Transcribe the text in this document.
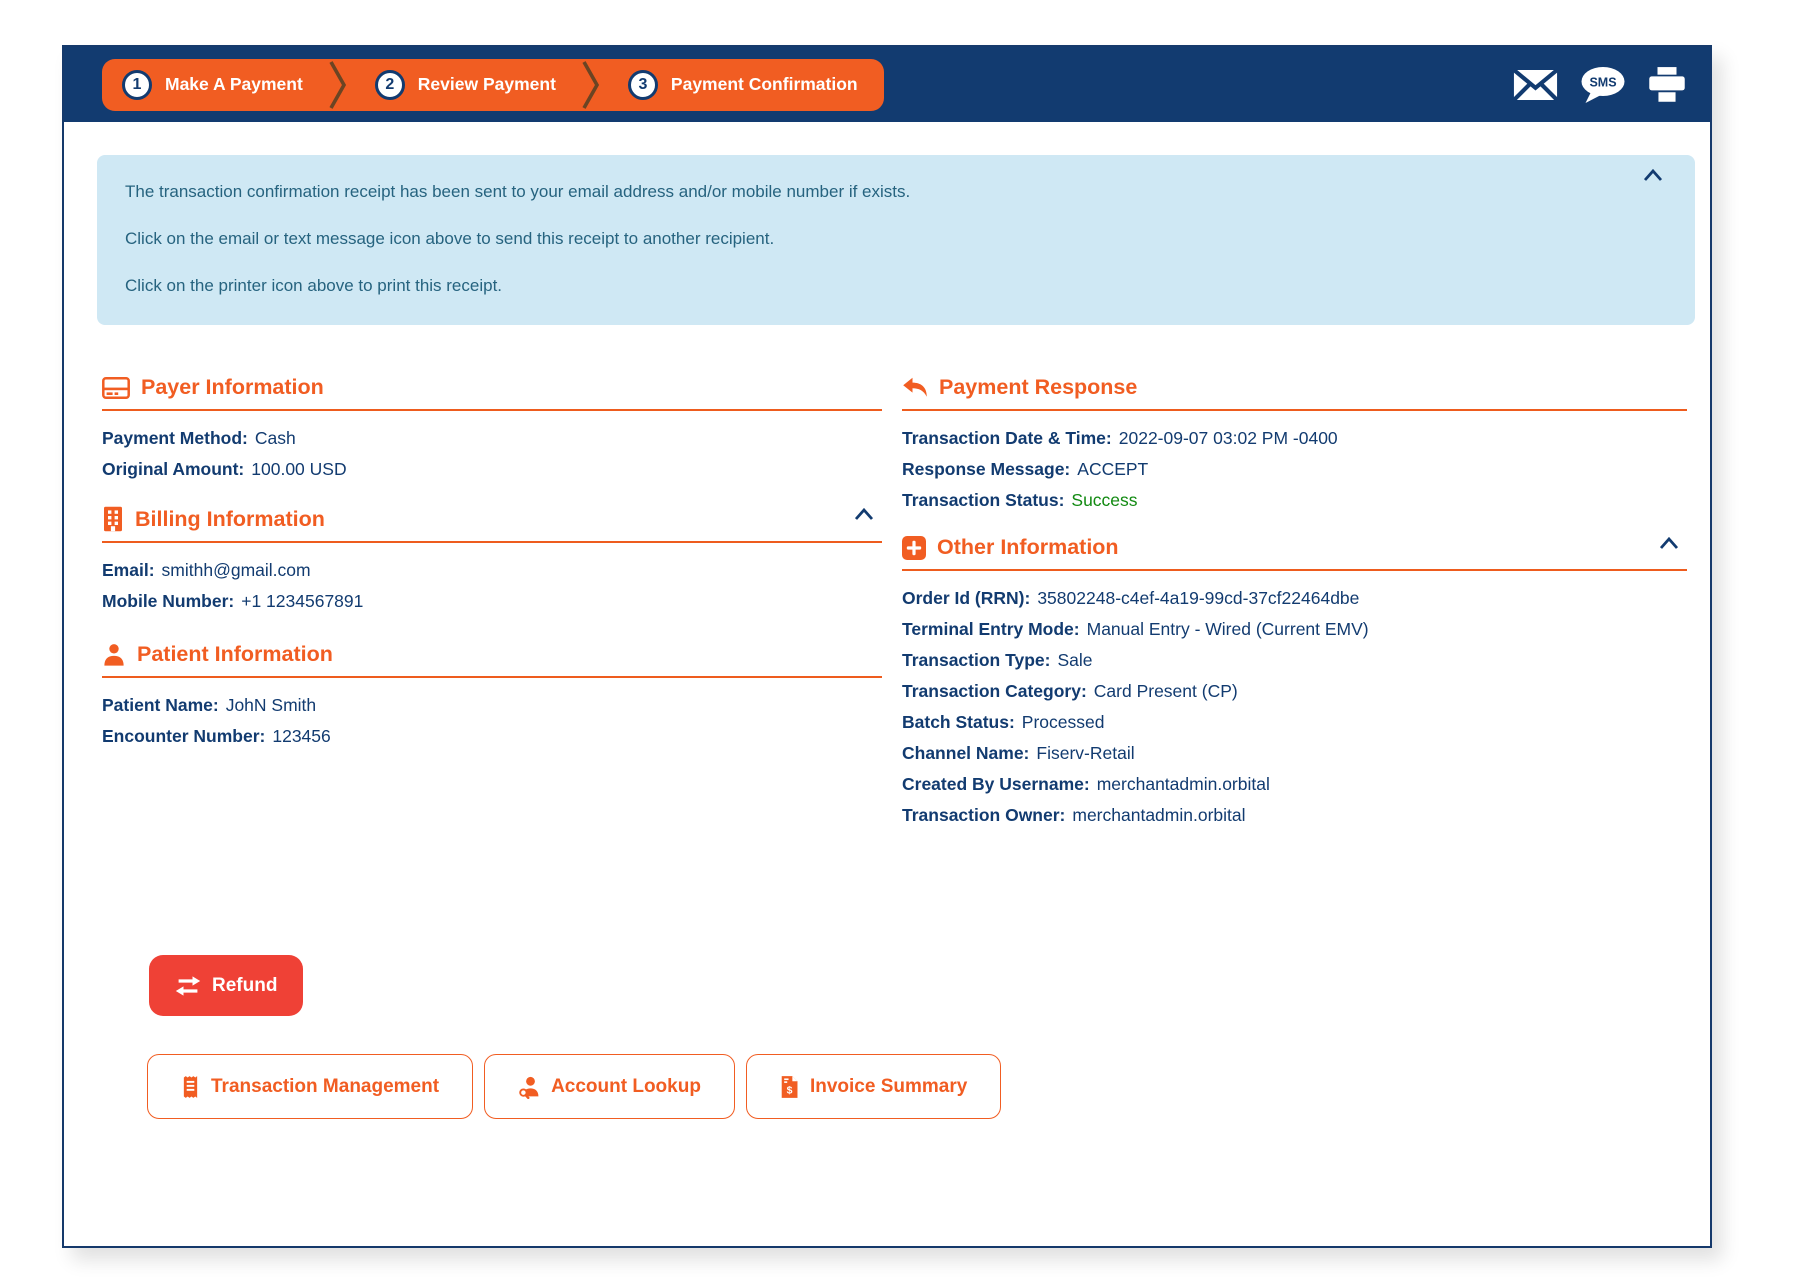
1	Make A Payment	2	Review Payment	3	Payment Confirmation	SMS

The transaction confirmation receipt has been sent to your email address and/or mobile number if exists.

Click on the email or text message icon above to send this receipt to another recipient.

Click on the printer icon above to print this receipt.

Payer Information
Payment Method: Cash
Original Amount: 100.00 USD
Billing Information
Email: smithh@gmail.com
Mobile Number: +1 1234567891
Patient Information
Patient Name: JohN Smith
Encounter Number: 123456
Payment Response
Transaction Date & Time: 2022-09-07 03:02 PM -0400
Response Message: ACCEPT
Transaction Status: Success
Other Information
Order Id (RRN): 35802248-c4ef-4a19-99cd-37cf22464dbe
Terminal Entry Mode: Manual Entry - Wired (Current EMV)
Transaction Type: Sale
Transaction Category: Card Present (CP)
Batch Status: Processed
Channel Name: Fiserv-Retail
Created By Username: merchantadmin.orbital
Transaction Owner: merchantadmin.orbital
Refund
Transaction Management	Account Lookup	$ Invoice Summary
